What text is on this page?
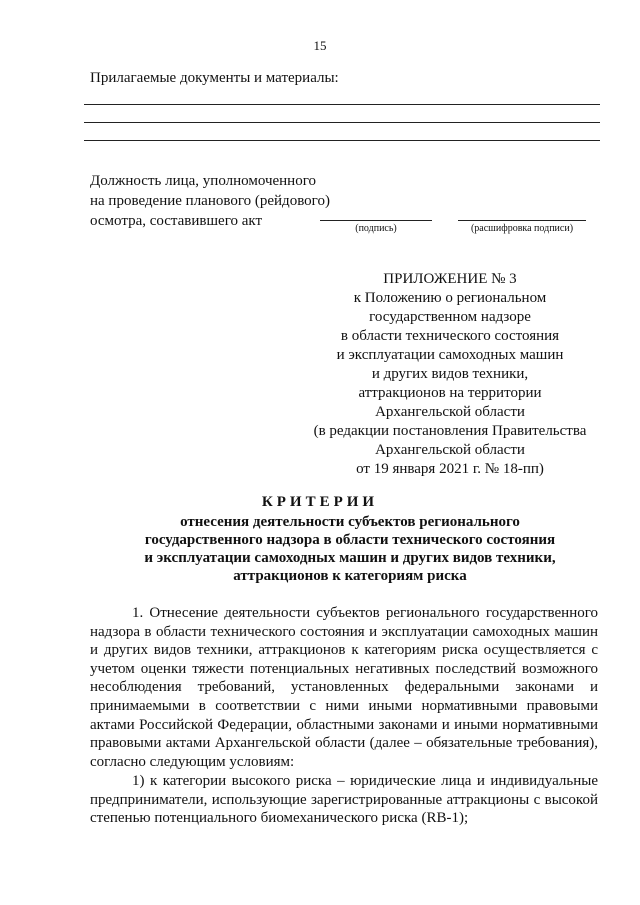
15
Прилагаемые документы и материалы:
Должность лица, уполномоченного
на проведение планового (рейдового)
осмотра, составившего акт	(подпись)	(расшифровка подписи)
ПРИЛОЖЕНИЕ № 3
к Положению о региональном
государственном надзоре
в области технического состояния
и эксплуатации самоходных машин
и других видов техники,
аттракционов на территории
Архангельской области
(в редакции постановления Правительства
Архангельской области
от 19 января 2021 г. № 18-пп)
КРИТЕРИИ
отнесения деятельности субъектов регионального
государственного надзора в области технического состояния
и эксплуатации самоходных машин и других видов техники,
аттракционов к категориям риска
1. Отнесение деятельности субъектов регионального государственного надзора в области технического состояния и эксплуатации самоходных машин и других видов техники, аттракционов к категориям риска осуществляется с учетом оценки тяжести потенциальных негативных последствий возможного несоблюдения требований, установленных федеральными законами и принимаемыми в соответствии с ними иными нормативными правовыми актами Российской Федерации, областными законами и иными нормативными правовыми актами Архангельской области (далее – обязательные требования), согласно следующим условиям:
1) к категории высокого риска – юридические лица и индивидуальные предприниматели, использующие зарегистрированные аттракционы с высокой степенью потенциального биомеханического риска (RB-1);
